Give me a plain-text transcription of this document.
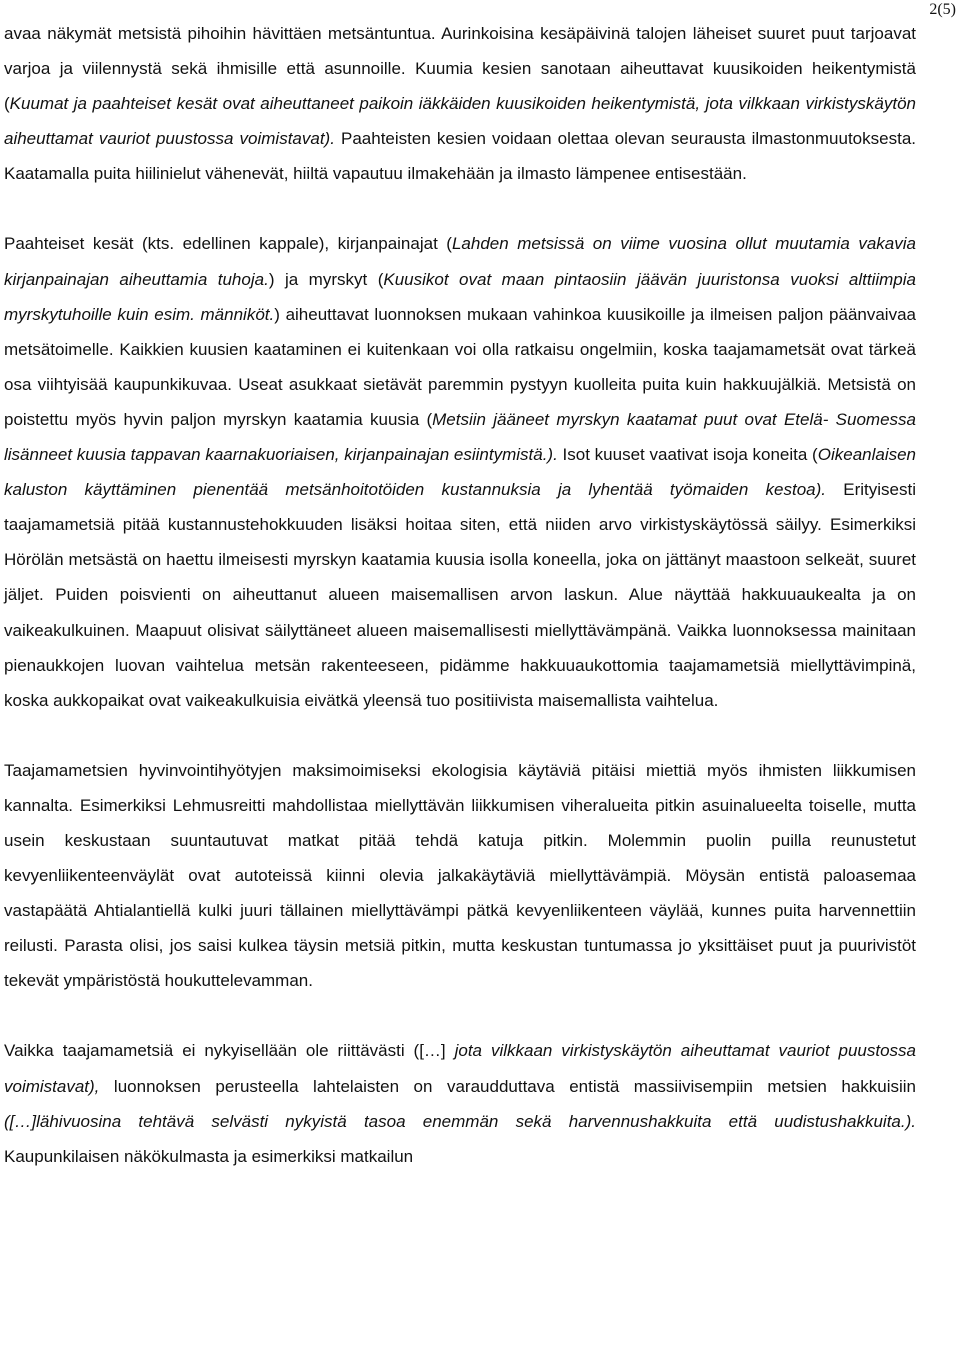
2(5)

avaa näkymät metsistä pihoihin hävittäen metsäntuntua. Aurinkoisina kesäpäivinä talojen läheiset suuret puut tarjoavat varjoa ja viilennystä sekä ihmisille että asunnoille. Kuumia kesien sanotaan aiheuttavat kuusikoiden heikentymistä (Kuumat ja paahteiset kesät ovat aiheuttaneet paikoin iäkkäiden kuusikoiden heikentymistä, jota vilkkaan virkistyskäytön aiheuttamat vauriot puustossa voimistavat). Paahteisten kesien voidaan olettaa olevan seurausta ilmastonmuutoksesta. Kaatamalla puita hiilinielut vähenevät, hiiltä vapautuu ilmakehään ja ilmasto lämpenee entisestään.

Paahteiset kesät (kts. edellinen kappale), kirjanpainajat (Lahden metsissä on viime vuosina ollut muutamia vakavia kirjanpainajan aiheuttamia tuhoja.) ja myrskyt (Kuusikot ovat maan pintaosiin jäävän juuristonsa vuoksi alttiimpia myrskytuhoille kuin esim. männiköt.) aiheuttavat luonnoksen mukaan vahinkoa kuusikoille ja ilmeisen paljon päänvaivaa metsätoimelle. Kaikkien kuusien kaataminen ei kuitenkaan voi olla ratkaisu ongelmiin, koska taajamametsät ovat tärkeä osa viihtyisää kaupunkikuvaa. Useat asukkaat sietävät paremmin pystyyn kuolleita puita kuin hakkuujälkiä. Metsistä on poistettu myös hyvin paljon myrskyn kaatamia kuusia (Metsiin jääneet myrskyn kaatamat puut ovat Etelä- Suomessa lisänneet kuusia tappavan kaarnakuoriaisen, kirjanpainajan esiintymistä.). Isot kuuset vaativat isoja koneita (Oikeanlaisen kaluston käyttäminen pienentää metsänhoitotöiden kustannuksia ja lyhentää työmaiden kestoa). Erityisesti taajamametsiä pitää kustannustehokkuuden lisäksi hoitaa siten, että niiden arvo virkistyskäytössä säilyy. Esimerkiksi Hörölän metsästä on haettu ilmeisesti myrskyn kaatamia kuusia isolla koneella, joka on jättänyt maastoon selkeät, suuret jäljet. Puiden poisvienti on aiheuttanut alueen maisemallisen arvon laskun. Alue näyttää hakkuuaukealta ja on vaikeakulkuinen. Maapuut olisivat säilyttäneet alueen maisemallisesti miellyttävämpänä. Vaikka luonnoksessa mainitaan pienaukkojen luovan vaihtelua metsän rakenteeseen, pidämme hakkuuaukottomia taajamametsiä miellyttävimpinä, koska aukkopaikat ovat vaikeakulkuisia eivätkä yleensä tuo positiivista maisemallista vaihtelua.

Taajamametsien hyvinvointihyötyjen maksimoimiseksi ekologisia käytäviä pitäisi miettiä myös ihmisten liikkumisen kannalta. Esimerkiksi Lehmusreitti mahdollistaa miellyttävän liikkumisen viheralueita pitkin asuinalueelta toiselle, mutta usein keskustaan suuntautuvat matkat pitää tehdä katuja pitkin. Molemmin puolin puilla reunustetut kevyenliikenteenväylät ovat autoteissä kiinni olevia jalkakäytäviä miellyttävämpiä. Möysän entistä paloasemaa vastapäätä Ahtialantiellä kulki juuri tällainen miellyttävämpi pätkä kevyenliikenteen väylää, kunnes puita harvennettiin reilusti. Parasta olisi, jos saisi kulkea täysin metsiä pitkin, mutta keskustan tuntumassa jo yksittäiset puut ja puurivistöt tekevät ympäristöstä houkuttelevamman.

Vaikka taajamametsiä ei nykyisellään ole riittävästi ([…] jota vilkkaan virkistyskäytön aiheuttamat vauriot puustossa voimistavat), luonnoksen perusteella lahtelaisten on varaudduttava entistä massiivisempiin metsien hakkuisiin ([…]lähivuosina tehtävä selvästi nykyistä tasoa enemmän sekä harvennushakkuita että uudistushakkuita.). Kaupunkilaisen näkökulmasta ja esimerkiksi matkailun
